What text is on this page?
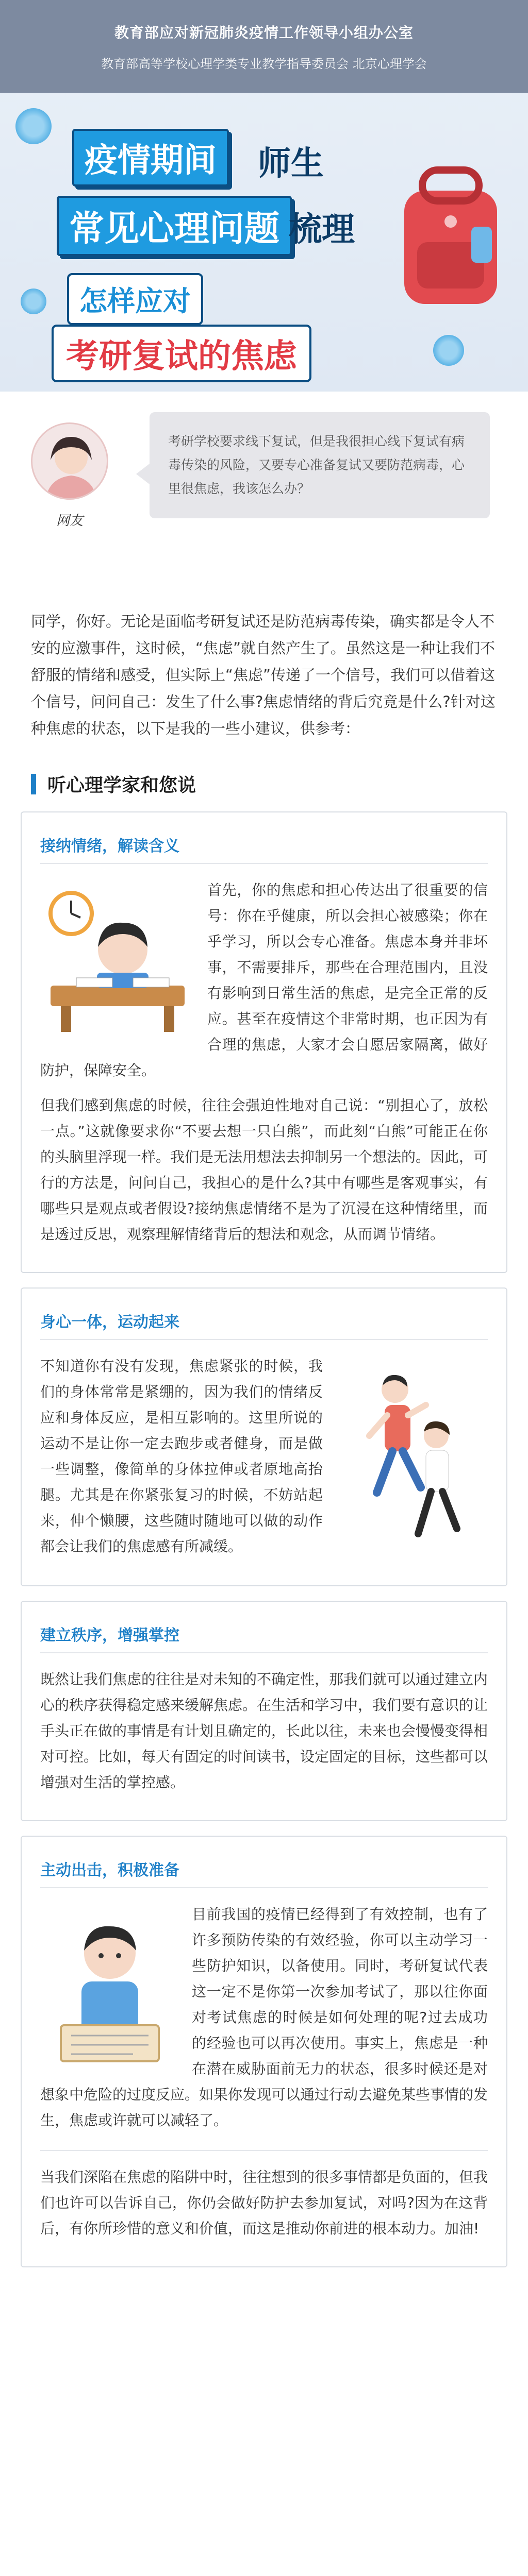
教育部应对新冠肺炎疫情工作领导小组办公室
教育部高等学校心理学类专业教学指导委员会 北京心理学会
疫情期间	师生
常见心理问题 梳理
怎样应对
考研复试的焦虑
网友
考研学校要求线下复试，但是我很担心线下复试有病毒传染的风险，又要专心准备复试又要防范病毒，心里很焦虑，我该怎么办？
同学，你好。无论是面临考研复试还是防范病毒传染，确实都是令人不安的应激事件，这时候，“焦虑”就自然产生了。虽然这是一种让我们不舒服的情绪和感受，但实际上“焦虑”传递了一个信号，我们可以借着这个信号，问问自己：发生了什么事?焦虑情绪的背后究竟是什么?针对这种焦虑的状态，以下是我的一些小建议，供参考：
听心理学家和您说
接纳情绪，解读含义
首先，你的焦虑和担心传达出了很重要的信号：你在乎健康，所以会担心被感染；你在乎学习，所以会专心准备。焦虑本身并非坏事，不需要排斥，那些在合理范围内，且没有影响到日常生活的焦虑，是完全正常的反应。甚至在疫情这个非常时期，也正因为有合理的焦虑，大家才会自愿居家隔离，做好防护，保障安全。
但我们感到焦虑的时候，往往会强迫性地对自己说：“别担心了，放松一点。”这就像要求你“不要去想一只白熊”，而此刻“白熊”可能正在你的头脑里浮现一样。我们是无法用想法去抑制另一个想法的。因此，可行的方法是，问问自己，我担心的是什么?其中有哪些是客观事实，有哪些只是观点或者假设?接纳焦虑情绪不是为了沉浸在这种情绪里，而是透过反思，观察理解情绪背后的想法和观念，从而调节情绪。
身心一体，运动起来
不知道你有没有发现，焦虑紧张的时候，我们的身体常常是紧绷的，因为我们的情绪反应和身体反应，是相互影响的。这里所说的运动不是让你一定去跑步或者健身，而是做一些调整，像简单的身体拉伸或者原地高抬腿。尤其是在你紧张复习的时候，不妨站起来，伸个懒腰，这些随时随地可以做的动作都会让我们的焦虑感有所减缓。
建立秩序，增强掌控
既然让我们焦虑的往往是对未知的不确定性，那我们就可以通过建立内心的秩序获得稳定感来缓解焦虑。在生活和学习中，我们要有意识的让手头正在做的事情是有计划且确定的，长此以往，未来也会慢慢变得相对可控。比如，每天有固定的时间读书，设定固定的目标，这些都可以增强对生活的掌控感。
主动出击，积极准备
目前我国的疫情已经得到了有效控制，也有了许多预防传染的有效经验，你可以主动学习一些防护知识，以备使用。同时，考研复试代表这一定不是你第一次参加考试了，那以往你面对考试焦虑的时候是如何处理的呢?过去成功的经验也可以再次使用。事实上，焦虑是一种在潜在威胁面前无力的状态，很多时候还是对想象中危险的过度反应。如果你发现可以通过行动去避免某些事情的发生，焦虑或许就可以减轻了。
当我们深陷在焦虑的陷阱中时，往往想到的很多事情都是负面的，但我们也许可以告诉自己，你仍会做好防护去参加复试，对吗?因为在这背后，有你所珍惜的意义和价值，而这是推动你前进的根本动力。加油!
